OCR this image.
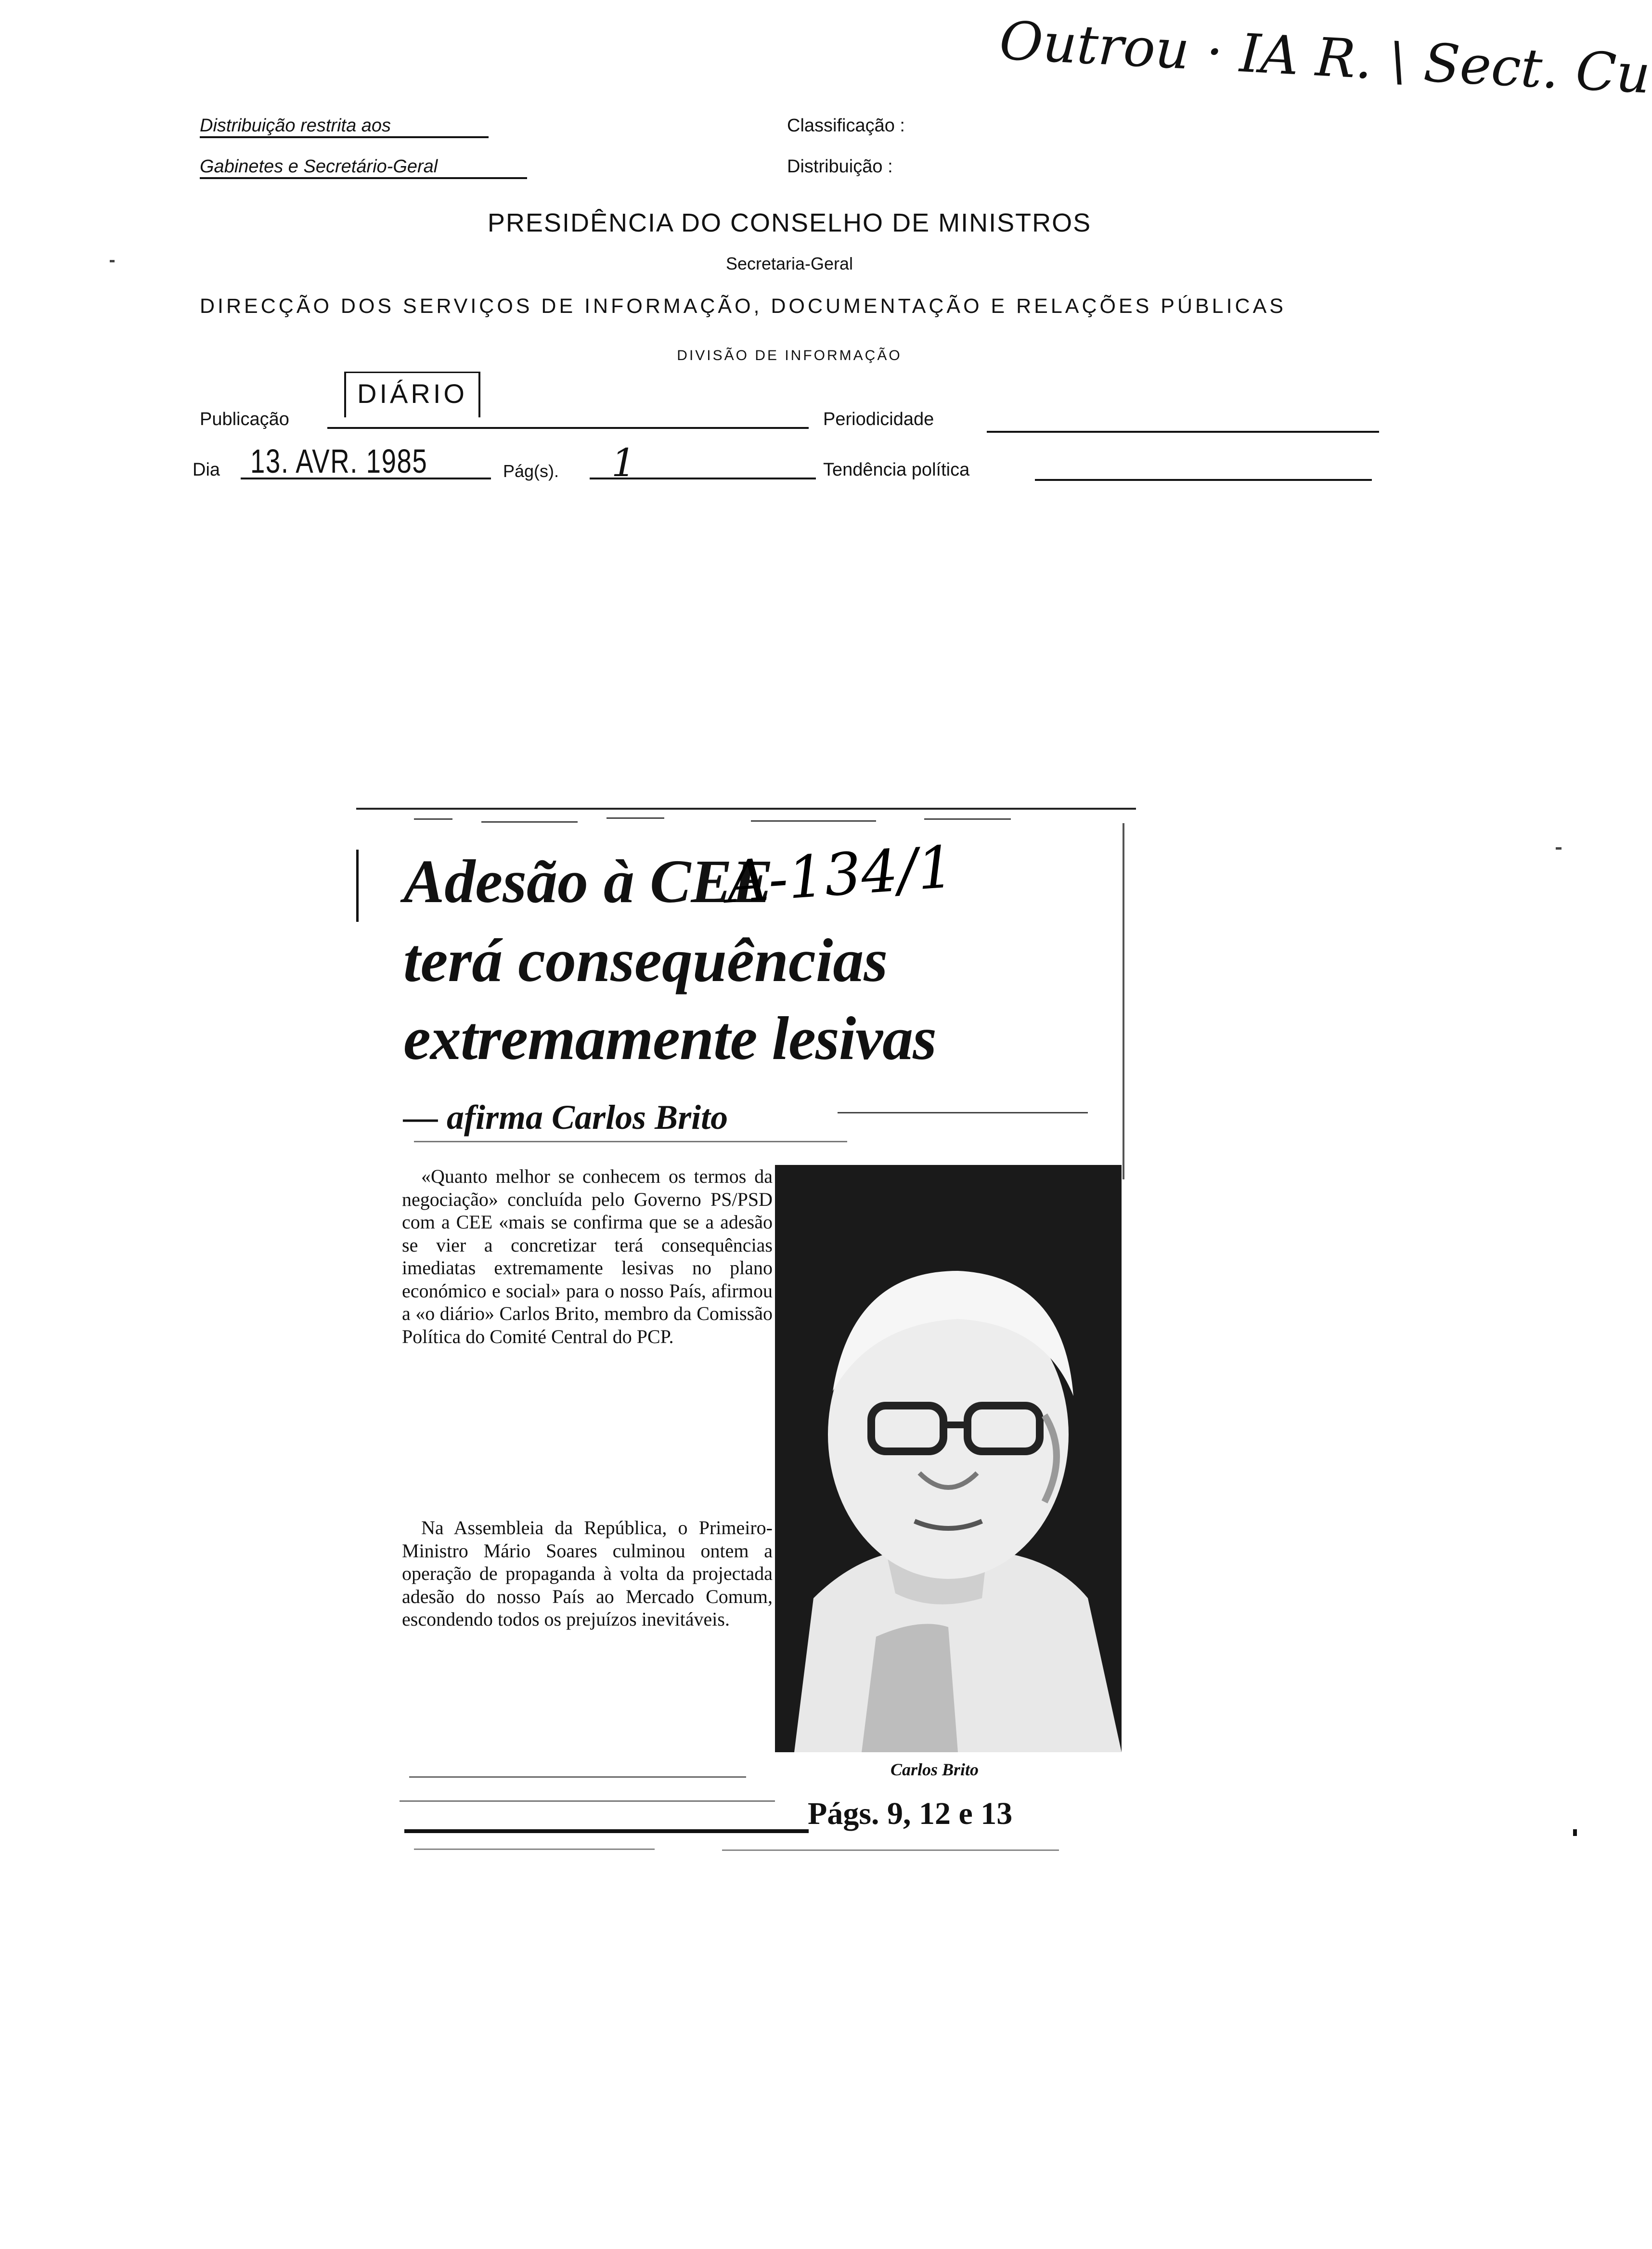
Outrou · IA R. \ Sect. Cu
Distribuição restrita aos
Gabinetes e Secretário-Geral
Classificação :
Distribuição :
PRESIDÊNCIA DO CONSELHO DE MINISTROS
Secretaria-Geral
DIRECÇÃO DOS SERVIÇOS DE INFORMAÇÃO, DOCUMENTAÇÃO E RELAÇÕES PÚBLICAS
DIVISÃO DE INFORMAÇÃO
Publicação
DIÁRIO
Periodicidade
Dia 13. AVR. 1985	Pág(s). 1	Tendência política
Adesão à CEE
terá consequências
extremamente lesivas
A-134/1
— afirma Carlos Brito
«Quanto melhor se conhecem os termos da negociação» concluída pelo Governo PS/PSD com a CEE «mais se confirma que se a adesão se vier a concretizar terá consequências imediatas extremamente lesivas no plano económico e social» para o nosso País, afirmou a «o diário» Carlos Brito, membro da Comissão Política do Comité Central do PCP.
Na Assembleia da República, o Primeiro-Ministro Mário Soares culminou ontem a operação de propaganda à volta da projectada adesão do nosso País ao Mercado Comum, escondendo todos os prejuízos inevitáveis.
Carlos Brito
Págs. 9, 12 e 13
